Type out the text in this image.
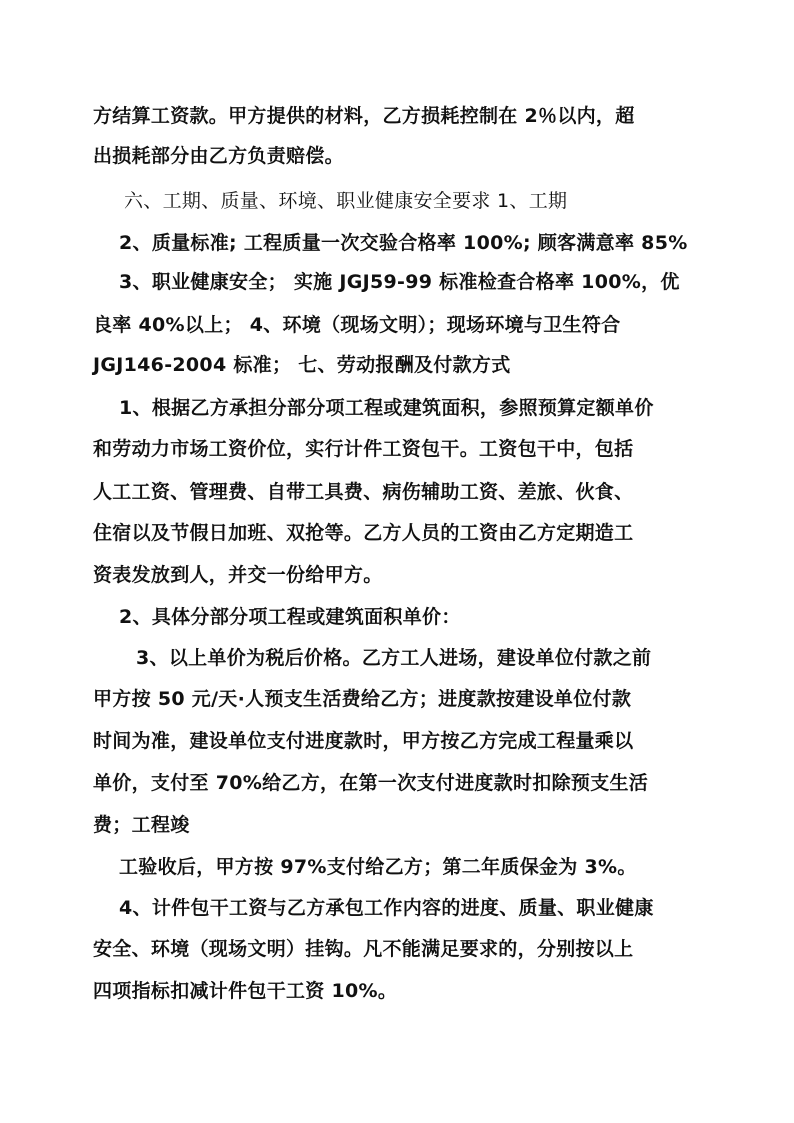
方结算工资款。甲方提供的材料，乙方损耗控制在 2％以内，超
出损耗部分由乙方负责赔偿。
六、工期、质量、环境、职业健康安全要求 1、工期
2、质量标准; 工程质量一次交验合格率 100%; 顾客满意率 85%
3、职业健康安全； 实施 JGJ59-99 标准检查合格率 100%，优
良率 40%以上； 4、环境（现场文明）；现场环境与卫生符合
JGJ146-2004 标准； 七、劳动报酬及付款方式
1、根据乙方承担分部分项工程或建筑面积，参照预算定额单价
和劳动力市场工资价位，实行计件工资包干。工资包干中，包括
人工工资、管理费、自带工具费、病伤辅助工资、差旅、伙食、
住宿以及节假日加班、双抢等。乙方人员的工资由乙方定期造工
资表发放到人，并交一份给甲方。
2、具体分部分项工程或建筑面积单价：
3、以上单价为税后价格。乙方工人进场，建设单位付款之前
甲方按 50 元/天·人预支生活费给乙方；进度款按建设单位付款
时间为准，建设单位支付进度款时，甲方按乙方完成工程量乘以
单价，支付至 70%给乙方，在第一次支付进度款时扣除预支生活
费；工程竣
工验收后，甲方按 97%支付给乙方；第二年质保金为 3%。
4、计件包干工资与乙方承包工作内容的进度、质量、职业健康
安全、环境（现场文明）挂钩。凡不能满足要求的，分别按以上
四项指标扣减计件包干工资 10%。
